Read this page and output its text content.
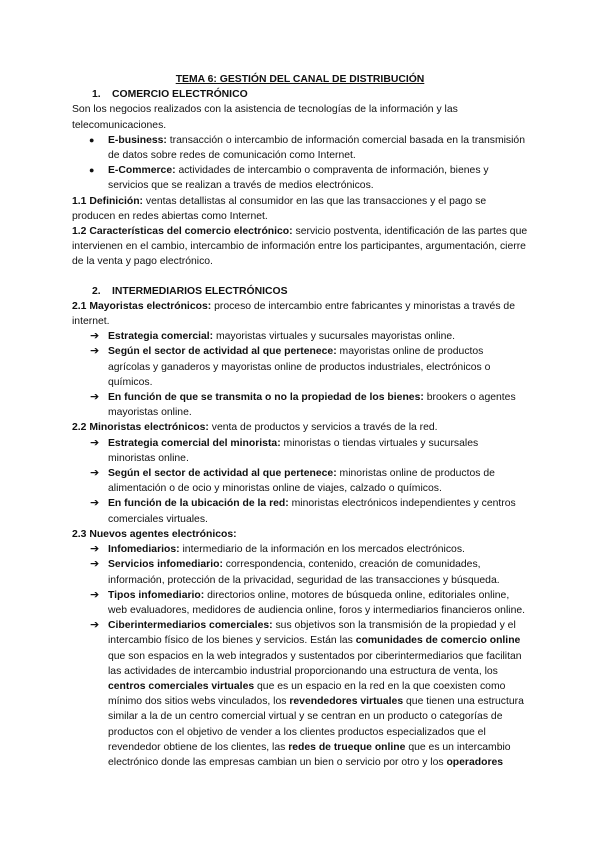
TEMA 6: GESTIÓN DEL CANAL DE DISTRIBUCIÓN

1. COMERCIO ELECTRÓNICO

Son los negocios realizados con la asistencia de tecnologías de la información y las telecomunicaciones.

● E-business: transacción o intercambio de información comercial basada en la transmisión de datos sobre redes de comunicación como Internet.
● E-Commerce: actividades de intercambio o compraventa de información, bienes y servicios que se realizan a través de medios electrónicos.

1.1 Definición: ventas detallistas al consumidor en las que las transacciones y el pago se producen en redes abiertas como Internet.

1.2 Características del comercio electrónico: servicio postventa, identificación de las partes que intervienen en el cambio, intercambio de información entre los participantes, argumentación, cierre de la venta y pago electrónico.

2. INTERMEDIARIOS ELECTRÓNICOS

2.1 Mayoristas electrónicos: proceso de intercambio entre fabricantes y minoristas a través de internet.

➔ Estrategia comercial: mayoristas virtuales y sucursales mayoristas online.
➔ Según el sector de actividad al que pertenece: mayoristas online de productos agrícolas y ganaderos y mayoristas online de productos industriales, electrónicos o químicos.
➔ En función de que se transmita o no la propiedad de los bienes: brookers o agentes mayoristas online.

2.2 Minoristas electrónicos: venta de productos y servicios a través de la red.

➔ Estrategia comercial del minorista: minoristas o tiendas virtuales y sucursales minoristas online.
➔ Según el sector de actividad al que pertenece: minoristas online de productos de alimentación o de ocio y minoristas online de viajes, calzado o químicos.
➔ En función de la ubicación de la red: minoristas electrónicos independientes y centros comerciales virtuales.

2.3 Nuevos agentes electrónicos:

➔ Infomediarios: intermediario de la información en los mercados electrónicos.
➔ Servicios infomediario: correspondencia, contenido, creación de comunidades, información, protección de la privacidad, seguridad de las transacciones y búsqueda.
➔ Tipos infomediario: directorios online, motores de búsqueda online, editoriales online, web evaluadores, medidores de audiencia online, foros y intermediarios financieros online.
➔ Ciberintermediarios comerciales: sus objetivos son la transmisión de la propiedad y el intercambio físico de los bienes y servicios. Están las comunidades de comercio online que son espacios en la web integrados y sustentados por ciberintermediarios que facilitan las actividades de intercambio industrial proporcionando una estructura de venta, los centros comerciales virtuales que es un espacio en la red en la que coexisten como mínimo dos sitios webs vinculados, los revendedores virtuales que tienen una estructura similar a la de un centro comercial virtual y se centran en un producto o categorías de productos con el objetivo de vender a los clientes productos especializados que el revendedor obtiene de los clientes, las redes de trueque online que es un intercambio electrónico donde las empresas cambian un bien o servicio por otro y los operadores
